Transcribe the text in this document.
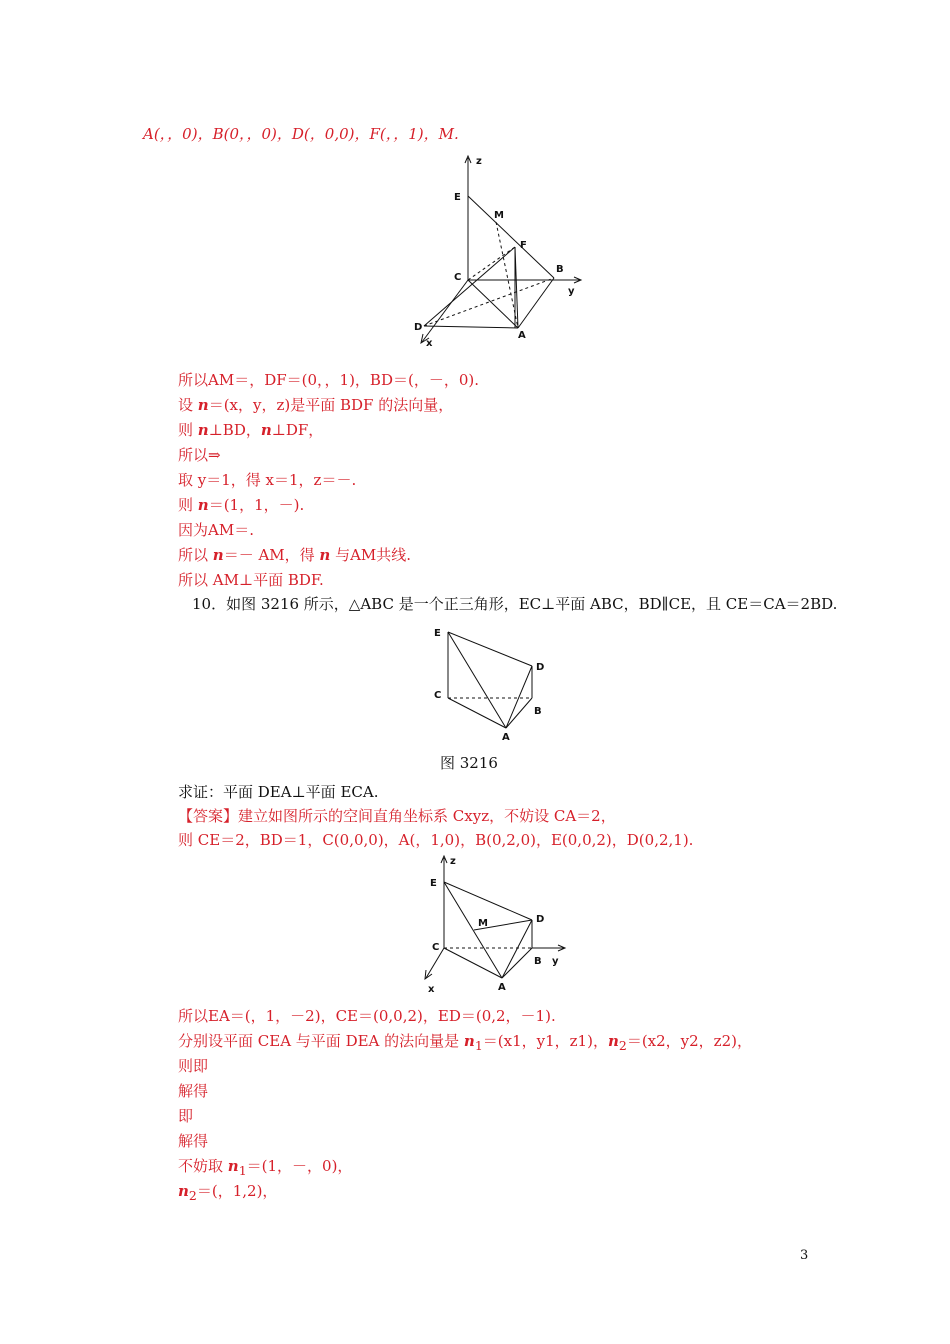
A(，，0)，B(0，，0)，D(，0,0)，F(，，1)，M.
z
E
M
F
B
y
C
D
A
x
所以AM＝，DF＝(0，，1)，BD＝(，－，0).
设 n＝(x，y，z)是平面 BDF 的法向量，
则 n⊥BD，n⊥DF，
所以⇒
取 y＝1，得 x＝1，z＝－.
则 n＝(1，1，－).
因为AM＝.
所以 n＝－ AM，得 n 与AM共线.
所以 AM⊥平面 BDF.
10．如图 3216 所示，△ABC 是一个正三角形，EC⊥平面 ABC，BD∥CE，且 CE＝CA＝2BD.
E
D
C
B
A
图 3216
求证：平面 DEA⊥平面 ECA.
【答案】建立如图所示的空间直角坐标系 Cxyz，不妨设 CA＝2，
则 CE＝2，BD＝1，C(0,0,0)，A(，1,0)，B(0,2,0)，E(0,0,2)，D(0,2,1).
z
E
M	D
C
B y
A
x
所以EA＝(，1，－2)，CE＝(0,0,2)，ED＝(0,2，－1).
分别设平面 CEA 与平面 DEA 的法向量是 $n_1=(x1$，y1，z1)，$n_2=(x2$，y2，z2)，
则即
解得
即
解得
不妨取 $n_1=(1$，－，0)，
$n_2=$(，1,2)，
3
